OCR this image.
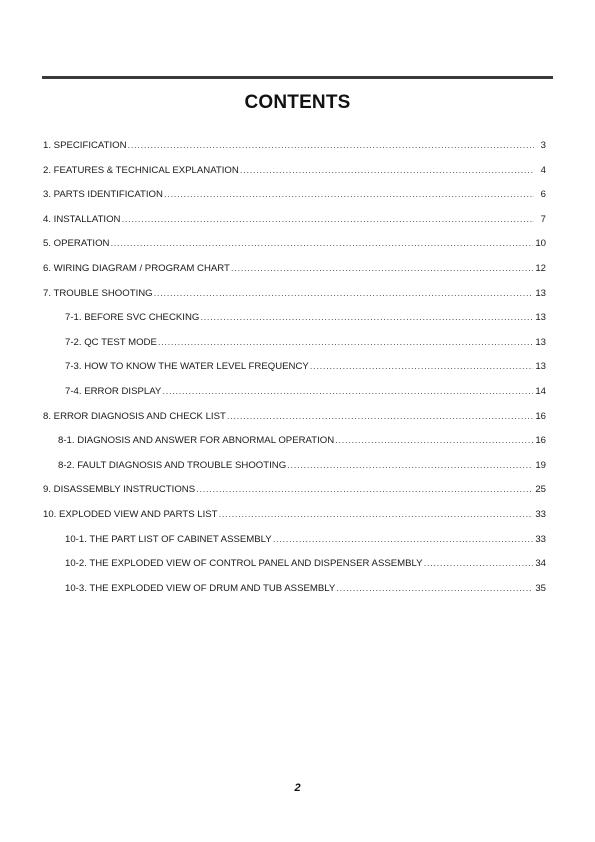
CONTENTS
1. SPECIFICATION .....	3
2. FEATURES & TECHNICAL EXPLANATION .....	4
3. PARTS IDENTIFICATION .....	6
4. INSTALLATION .....	7
5. OPERATION .....	10
6. WIRING DIAGRAM / PROGRAM CHART .....	12
7. TROUBLE SHOOTING .....	13
7-1. BEFORE SVC CHECKING .....	13
7-2. QC TEST MODE .....	13
7-3. HOW TO KNOW THE WATER LEVEL FREQUENCY .....	13
7-4. ERROR DISPLAY .....	14
8. ERROR DIAGNOSIS AND CHECK LIST .....	16
8-1. DIAGNOSIS AND ANSWER FOR ABNORMAL OPERATION .....	16
8-2. FAULT DIAGNOSIS AND TROUBLE SHOOTING .....	19
9. DISASSEMBLY INSTRUCTIONS .....	25
10. EXPLODED VIEW AND PARTS LIST .....	33
10-1. THE PART LIST OF CABINET ASSEMBLY .....	33
10-2. THE EXPLODED VIEW OF CONTROL PANEL AND DISPENSER ASSEMBLY .....	34
10-3. THE EXPLODED VIEW OF DRUM AND TUB ASSEMBLY .....	35
2
